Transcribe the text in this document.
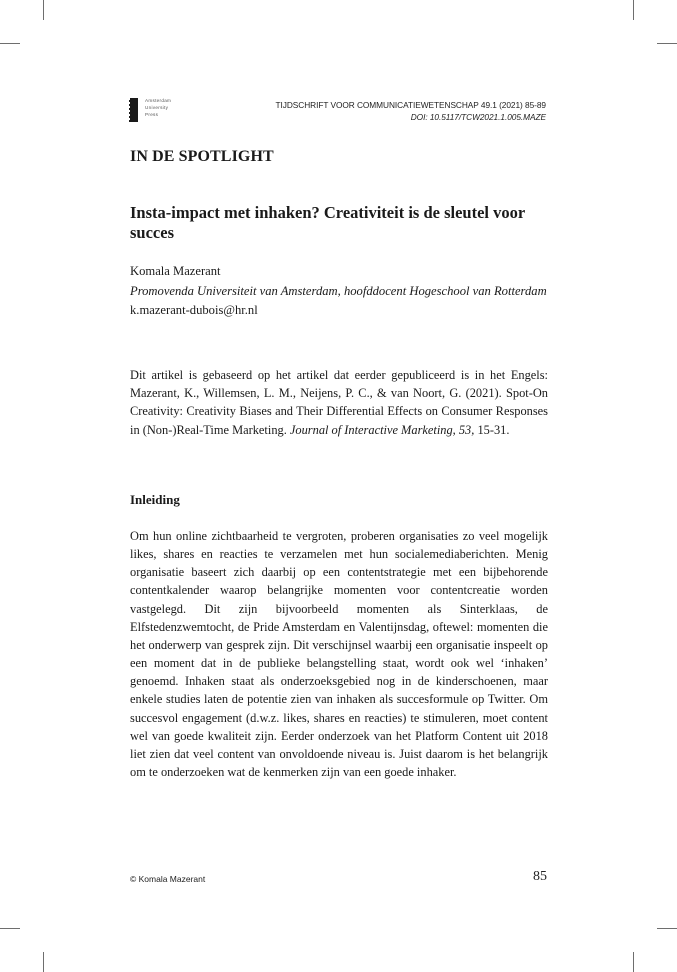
Amsterdam
University
Press
TIJDSCHRIFT VOOR COMMUNICATIEWETENSCHAP 49.1 (2021) 85-89
DOI: 10.5117/TCW2021.1.005.MAZE
IN DE SPOTLIGHT
Insta-impact met inhaken? Creativiteit is de sleutel voor succes
Komala Mazerant
Promovenda Universiteit van Amsterdam, hoofddocent Hogeschool van Rotterdam
k.mazerant-dubois@hr.nl

Dit artikel is gebaseerd op het artikel dat eerder gepubliceerd is in het Engels: Mazerant, K., Willemsen, L. M., Neijens, P. C., & van Noort, G. (2021). Spot-On Creativity: Creativity Biases and Their Differential Effects on Consumer Responses in (Non-)Real-Time Marketing. Journal of Interactive Marketing, 53, 15-31.

Inleiding

Om hun online zichtbaarheid te vergroten, proberen organisaties zo veel mogelijk likes, shares en reacties te verzamelen met hun socialemediaberichten. Menig organisatie baseert zich daarbij op een contentstrategie met een bijbehorende contentkalender waarop belangrijke momenten voor contentcreatie worden vastgelegd. Dit zijn bijvoorbeeld momenten als Sinterklaas, de Elfstedenzwemtocht, de Pride Amsterdam en Valentijnsdag, oftewel: momenten die het onderwerp van gesprek zijn. Dit verschijnsel waarbij een organisatie inspeelt op een moment dat in de publieke belangstelling staat, wordt ook wel ‘inhaken’ genoemd. Inhaken staat als onderzoeksgebied nog in de kinderschoenen, maar enkele studies laten de potentie zien van inhaken als succesformule op Twitter. Om succesvol engagement (d.w.z. likes, shares en reacties) te stimuleren, moet content wel van goede kwaliteit zijn. Eerder onderzoek van het Platform Content uit 2018 liet zien dat veel content van onvoldoende niveau is. Juist daarom is het belangrijk om te onderzoeken wat de kenmerken zijn van een goede inhaker.

© Komala Mazerant	85
